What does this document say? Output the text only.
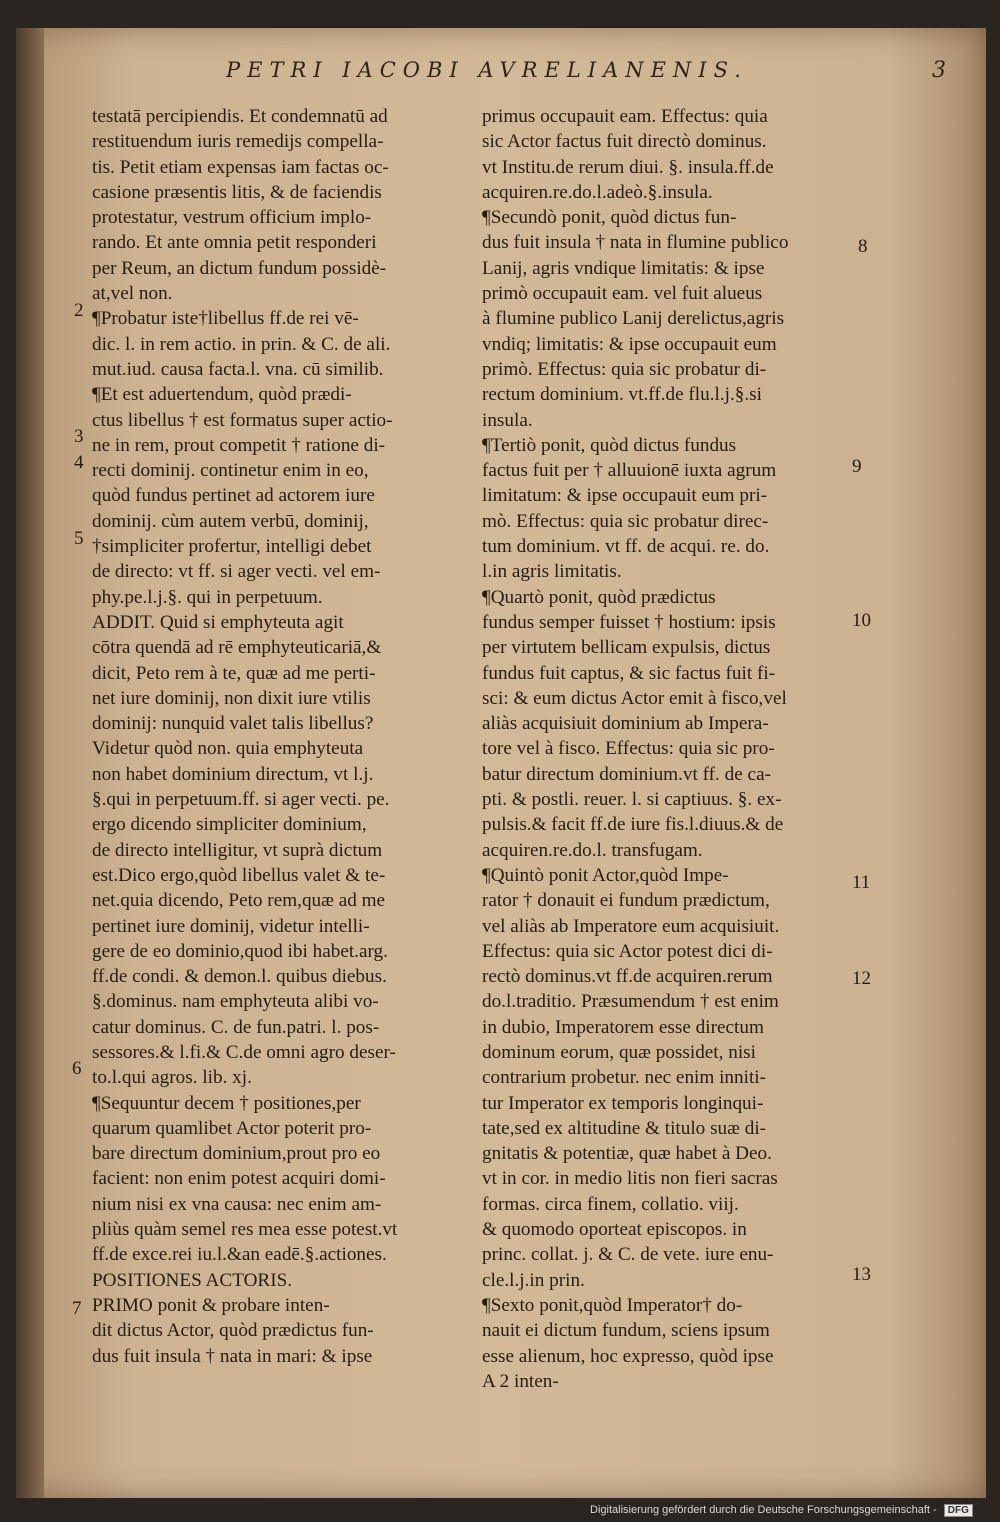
PETRI IACOBI AVRELIANENIS.	3
testatā percipiendis. Et condemnatū ad
restituendum iuris remedijs compella-
tis. Petit etiam expensas iam factas oc-
casione præsentis litis, & de faciendis
protestatur, vestrum officium implo-
rando. Et ante omnia petit responderi
per Reum, an dictum fundum possidè-
at,vel non.
¶Probatur iste†libellus ff.de rei vē-
dic. l. in rem actio. in prin. & C. de ali.
mut.iud. causa facta.l. vna. cū similib.
¶Et est aduertendum, quòd prædi-
ctus libellus † est formatus super actio-
ne in rem, prout competit † ratione di-
recti dominij. continetur enim in eo,
quòd fundus pertinet ad actorem iure
dominij. cùm autem verbū, dominij,
†simpliciter profertur, intelligi debet
de directo: vt ff. si ager vecti. vel em-
phy.pe.l.j.§. qui in perpetuum.
ADDIT. Quid si emphyteuta agit
cōtra quendā ad rē emphyteuticariā,&
dicit, Peto rem à te, quæ ad me perti-
net iure dominij, non dixit iure vtilis
dominij: nunquid valet talis libellus?
Videtur quòd non. quia emphyteuta
non habet dominium directum, vt l.j.
§.qui in perpetuum.ff. si ager vecti. pe.
ergo dicendo simpliciter dominium,
de directo intelligitur, vt suprà dictum
est.Dico ergo,quòd libellus valet & te-
net.quia dicendo, Peto rem,quæ ad me
pertinet iure dominij, videtur intelli-
gere de eo dominio,quod ibi habet.arg.
ff.de condi. & demon.l. quibus diebus.
§.dominus. nam emphyteuta alibi vo-
catur dominus. C. de fun.patri. l. pos-
sessores.& l.fi.& C.de omni agro deser-
to.l.qui agros. lib. xj.
¶Sequuntur decem † positiones,per
quarum quamlibet Actor poterit pro-
bare directum dominium,prout pro eo
facient: non enim potest acquiri domi-
nium nisi ex vna causa: nec enim am-
pliùs quàm semel res mea esse potest.vt
ff.de exce.rei iu.l.&an eadē.§.actiones.
POSITIONES ACTORIS.
PRIMO ponit & probare inten-
dit dictus Actor, quòd prædictus fun-
dus fuit insula † nata in mari: & ipse
primus occupauit eam. Effectus: quia
sic Actor factus fuit directò dominus.
vt Institu.de rerum diui. §. insula.ff.de
acquiren.re.do.l.adeò.§.insula.
¶Secundò ponit, quòd dictus fun-
dus fuit insula † nata in flumine publico
Lanij, agris vndique limitatis: & ipse
primò occupauit eam. vel fuit alueus
à flumine publico Lanij derelictus,agris
vndiq; limitatis: & ipse occupauit eum
primò. Effectus: quia sic probatur di-
rectum dominium. vt.ff.de flu.l.j.§.si
insula.
¶Tertiò ponit, quòd dictus fundus
factus fuit per † alluuionē iuxta agrum
limitatum: & ipse occupauit eum pri-
mò. Effectus: quia sic probatur direc-
tum dominium. vt ff. de acqui. re. do.
l.in agris limitatis.
¶Quartò ponit, quòd prædictus
fundus semper fuisset † hostium: ipsis
per virtutem bellicam expulsis, dictus
fundus fuit captus, & sic factus fuit fi-
sci: & eum dictus Actor emit à fisco,vel
aliàs acquisiuit dominium ab Impera-
tore vel à fisco. Effectus: quia sic pro-
batur directum dominium.vt ff. de ca-
pti. & postli. reuer. l. si captiuus. §. ex-
pulsis.& facit ff.de iure fis.l.diuus.& de
acquiren.re.do.l. transfugam.
¶Quintò ponit Actor,quòd Impe-
rator † donauit ei fundum prædictum,
vel aliàs ab Imperatore eum acquisiuit.
Effectus: quia sic Actor potest dici di-
rectò dominus.vt ff.de acquiren.rerum
do.l.traditio. Præsumendum † est enim
in dubio, Imperatorem esse directum
dominum eorum, quæ possidet, nisi
contrarium probetur. nec enim inniti-
tur Imperator ex temporis longinqui-
tate,sed ex altitudine & titulo suæ di-
gnitatis & potentiæ, quæ habet à Deo.
vt in cor. in medio litis non fieri sacras
formas. circa finem, collatio. viij.
& quomodo oporteat episcopos. in
princ. collat. j. & C. de vete. iure enu-
cle.l.j.in prin.
¶Sexto ponit,quòd Imperator† do-
nauit ei dictum fundum, sciens ipsum
esse alienum, hoc expresso, quòd ipse
A 2 inten-
2
3
4
5
6
7
8
9
10
11
12
13
Digitalisierung gefördert durch die Deutsche Forschungsgemeinschaft - DFG
